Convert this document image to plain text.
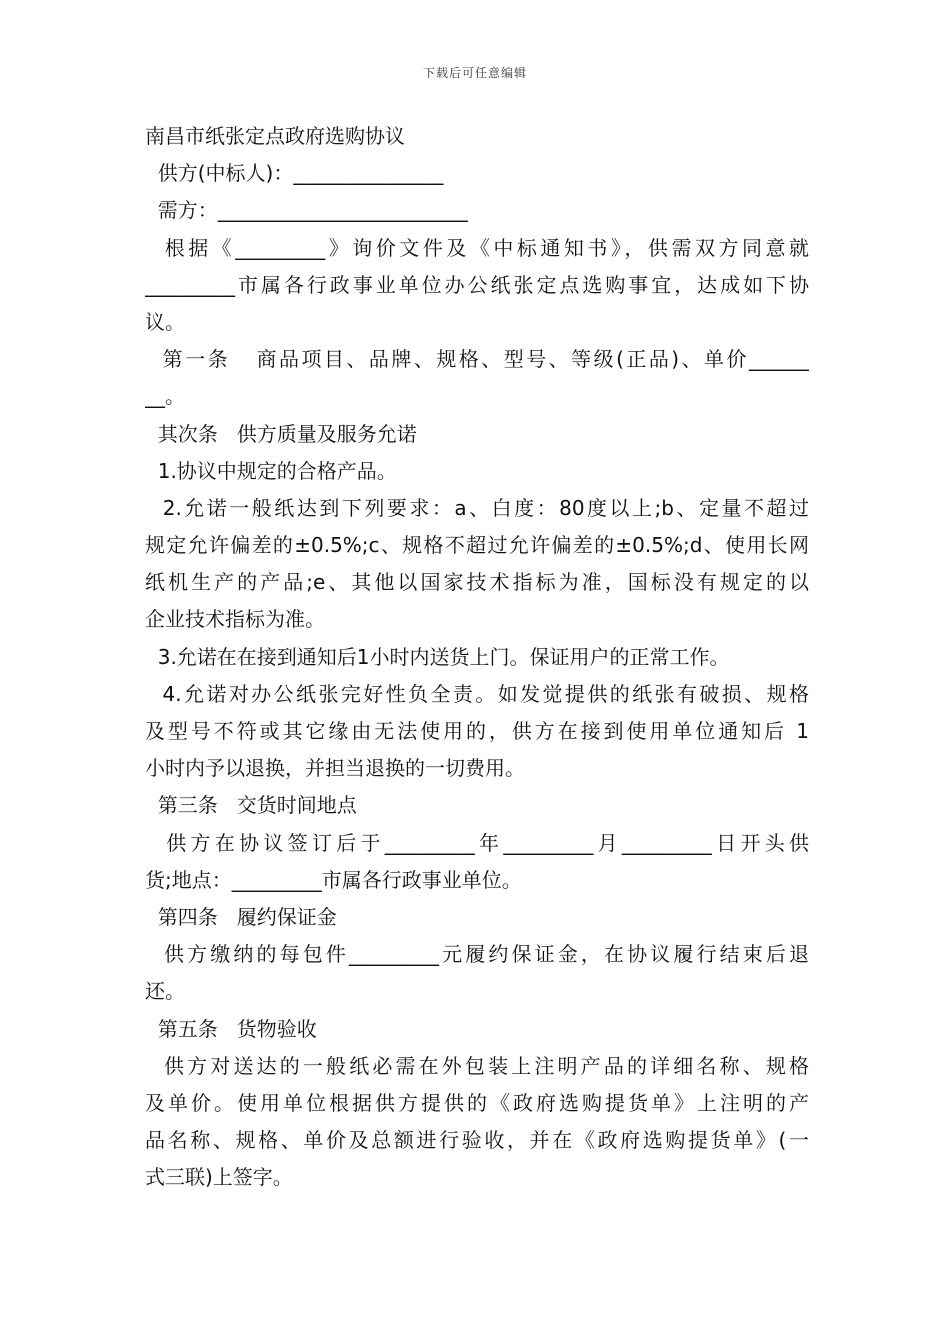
下载后可任意编辑
南昌市纸张定点政府选购协议
供方(中标人)：_______________
需方：_________________________
根据《_________》询价文件及《中标通知书》，供需双方同意就
_________市属各行政事业单位办公纸张定点选购事宜，达成如下协
议。
第一条   商品项目、品牌、规格、型号、等级(正品)、单价______
__。
其次条   供方质量及服务允诺
1.协议中规定的合格产品。
2.允诺一般纸达到下列要求：a、白度：80度以上;b、定量不超过
规定允许偏差的±0.5%;c、规格不超过允许偏差的±0.5%;d、使用长网
纸机生产的产品;e、其他以国家技术指标为准，国标没有规定的以
企业技术指标为准。
3.允诺在在接到通知后1小时内送货上门。保证用户的正常工作。
4.允诺对办公纸张完好性负全责。如发觉提供的纸张有破损、规格
及型号不符或其它缘由无法使用的，供方在接到使用单位通知后 1
小时内予以退换，并担当退换的一切费用。
第三条   交货时间地点
供方在协议签订后于_________年_________月_________日开头供
货;地点：_________市属各行政事业单位。
第四条   履约保证金
供方缴纳的每包件_________元履约保证金，在协议履行结束后退
还。
第五条   货物验收
供方对送达的一般纸必需在外包装上注明产品的详细名称、规格
及单价。使用单位根据供方提供的《政府选购提货单》上注明的产
品名称、规格、单价及总额进行验收，并在《政府选购提货单》(一
式三联)上签字。
